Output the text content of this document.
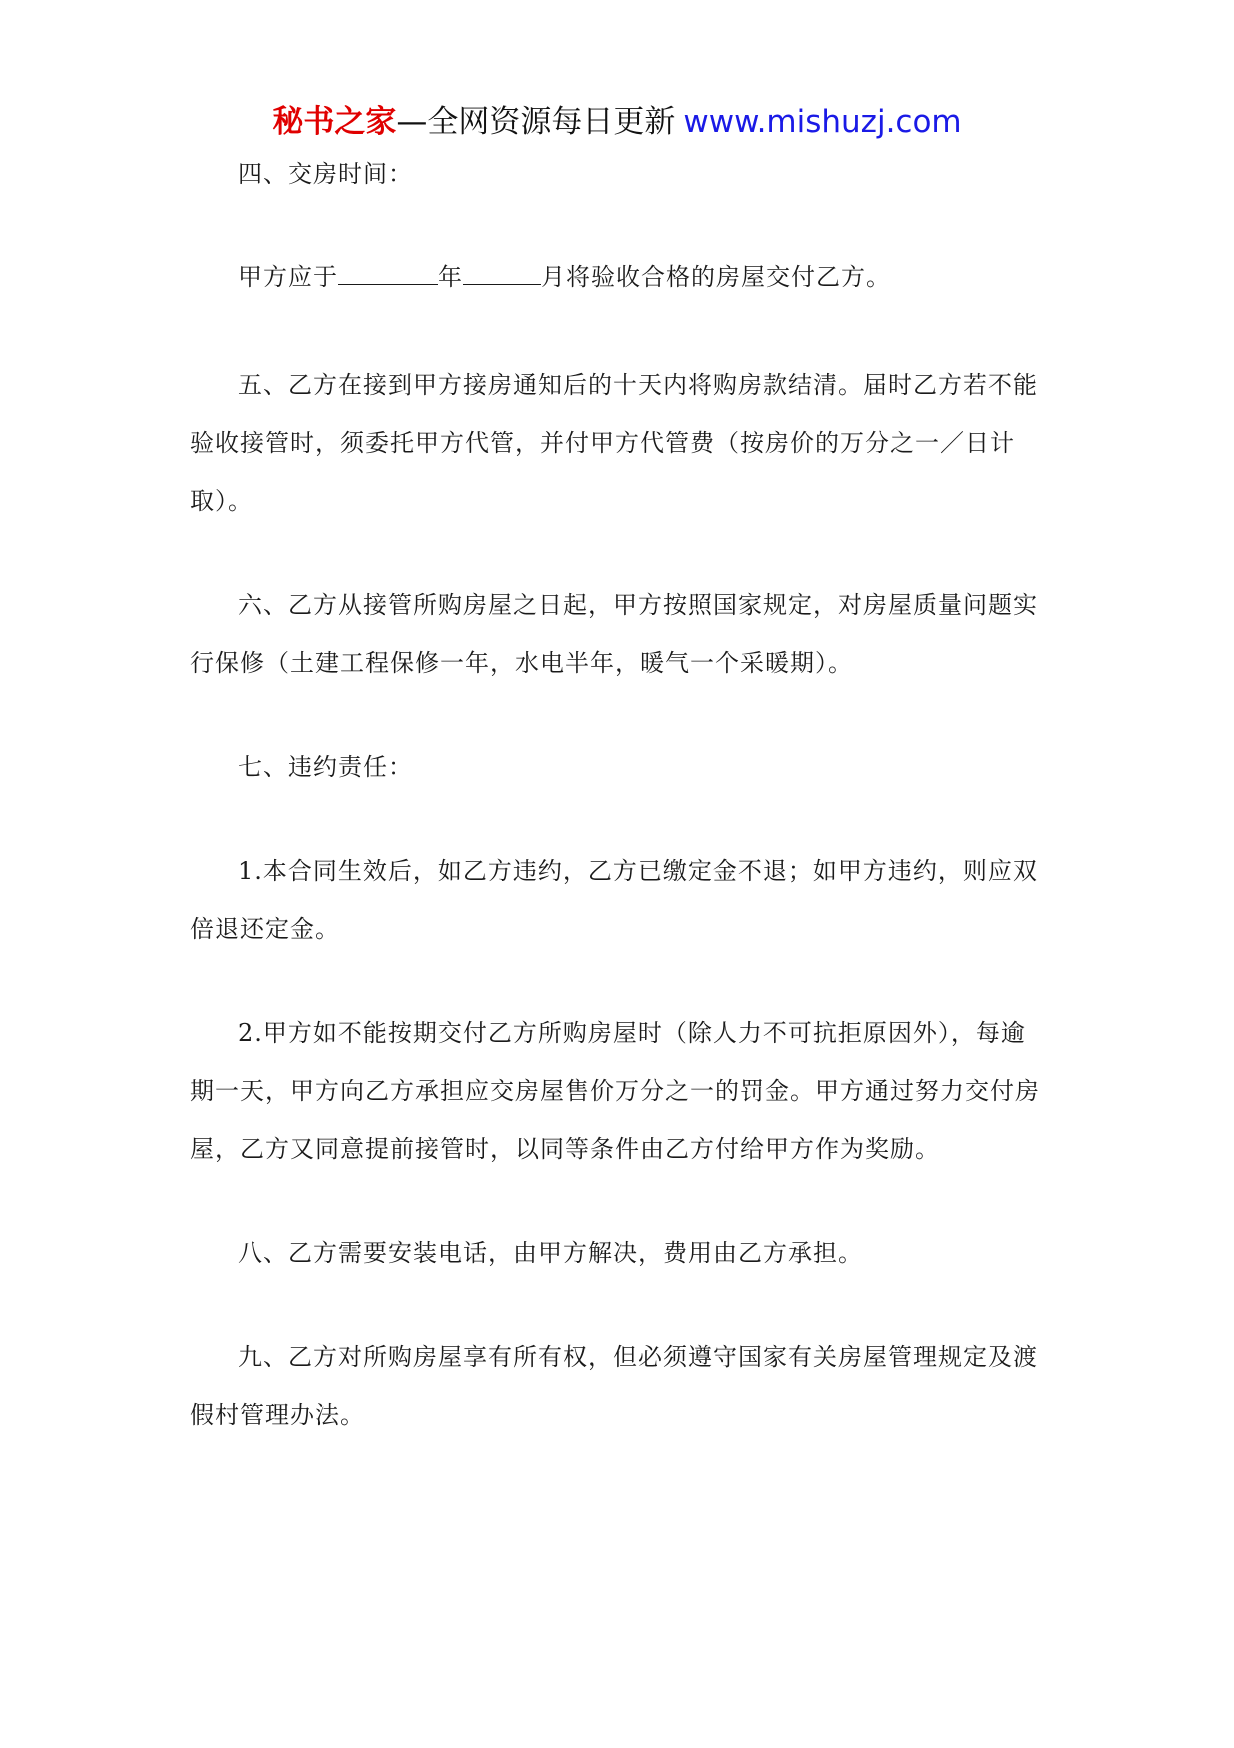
秘书之家—全网资源每日更新 www.mishuzj.com

四、交房时间：

甲方应于	年	月将验收合格的房屋交付乙方。

五、乙方在接到甲方接房通知后的十天内将购房款结清。届时乙方若不能验收接管时，须委托甲方代管，并付甲方代管费（按房价的万分之一／日计取）。

六、乙方从接管所购房屋之日起，甲方按照国家规定，对房屋质量问题实行保修（土建工程保修一年，水电半年，暖气一个采暖期）。

七、违约责任：

1.本合同生效后，如乙方违约，乙方已缴定金不退；如甲方违约，则应双倍退还定金。

2.甲方如不能按期交付乙方所购房屋时（除人力不可抗拒原因外），每逾期一天，甲方向乙方承担应交房屋售价万分之一的罚金。甲方通过努力交付房屋，乙方又同意提前接管时，以同等条件由乙方付给甲方作为奖励。

八、乙方需要安装电话，由甲方解决，费用由乙方承担。

九、乙方对所购房屋享有所有权，但必须遵守国家有关房屋管理规定及渡假村管理办法。
